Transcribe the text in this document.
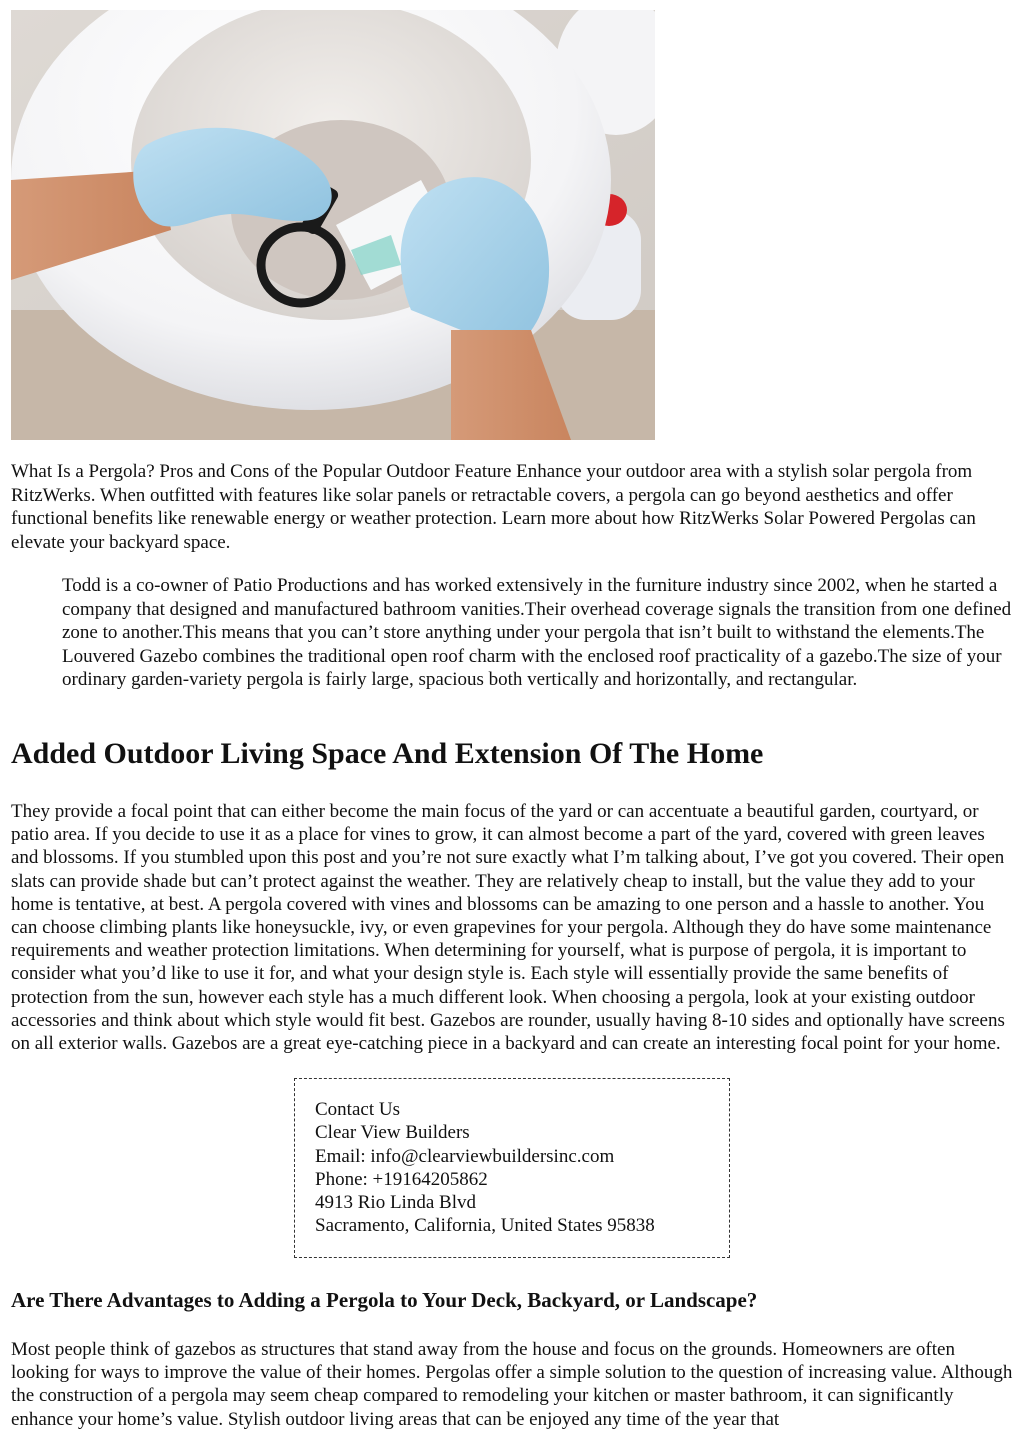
What Is a Pergola? Pros and Cons of the Popular Outdoor Feature Enhance your outdoor area with a stylish solar pergola from RitzWerks. When outfitted with features like solar panels or retractable covers, a pergola can go beyond aesthetics and offer functional benefits like renewable energy or weather protection. Learn more about how RitzWerks Solar Powered Pergolas can elevate your backyard space.

Todd is a co-owner of Patio Productions and has worked extensively in the furniture industry since 2002, when he started a company that designed and manufactured bathroom vanities.Their overhead coverage signals the transition from one defined zone to another.This means that you can’t store anything under your pergola that isn’t built to withstand the elements.The Louvered Gazebo combines the traditional open roof charm with the enclosed roof practicality of a gazebo.The size of your ordinary garden-variety pergola is fairly large, spacious both vertically and horizontally, and rectangular.

Added Outdoor Living Space And Extension Of The Home

They provide a focal point that can either become the main focus of the yard or can accentuate a beautiful garden, courtyard, or patio area. If you decide to use it as a place for vines to grow, it can almost become a part of the yard, covered with green leaves and blossoms. If you stumbled upon this post and you’re not sure exactly what I’m talking about, I’ve got you covered. Their open slats can provide shade but can’t protect against the weather. They are relatively cheap to install, but the value they add to your home is tentative, at best. A pergola covered with vines and blossoms can be amazing to one person and a hassle to another. You can choose climbing plants like honeysuckle, ivy, or even grapevines for your pergola. Although they do have some maintenance requirements and weather protection limitations. When determining for yourself, what is purpose of pergola, it is important to consider what you’d like to use it for, and what your design style is. Each style will essentially provide the same benefits of protection from the sun, however each style has a much different look. When choosing a pergola, look at your existing outdoor accessories and think about which style would fit best. Gazebos are rounder, usually having 8-10 sides and optionally have screens on all exterior walls. Gazebos are a great eye-catching piece in a backyard and can create an interesting focal point for your home.

Contact Us
Clear View Builders
Email: info@clearviewbuildersinc.com
Phone: +19164205862
4913 Rio Linda Blvd
Sacramento, California, United States 95838
Are There Advantages to Adding a Pergola to Your Deck, Backyard, or Landscape?

Most people think of gazebos as structures that stand away from the house and focus on the grounds. Homeowners are often looking for ways to improve the value of their homes. Pergolas offer a simple solution to the question of increasing value. Although the construction of a pergola may seem cheap compared to remodeling your kitchen or master bathroom, it can significantly enhance your home’s value. Stylish outdoor living areas that can be enjoyed any time of the year that
